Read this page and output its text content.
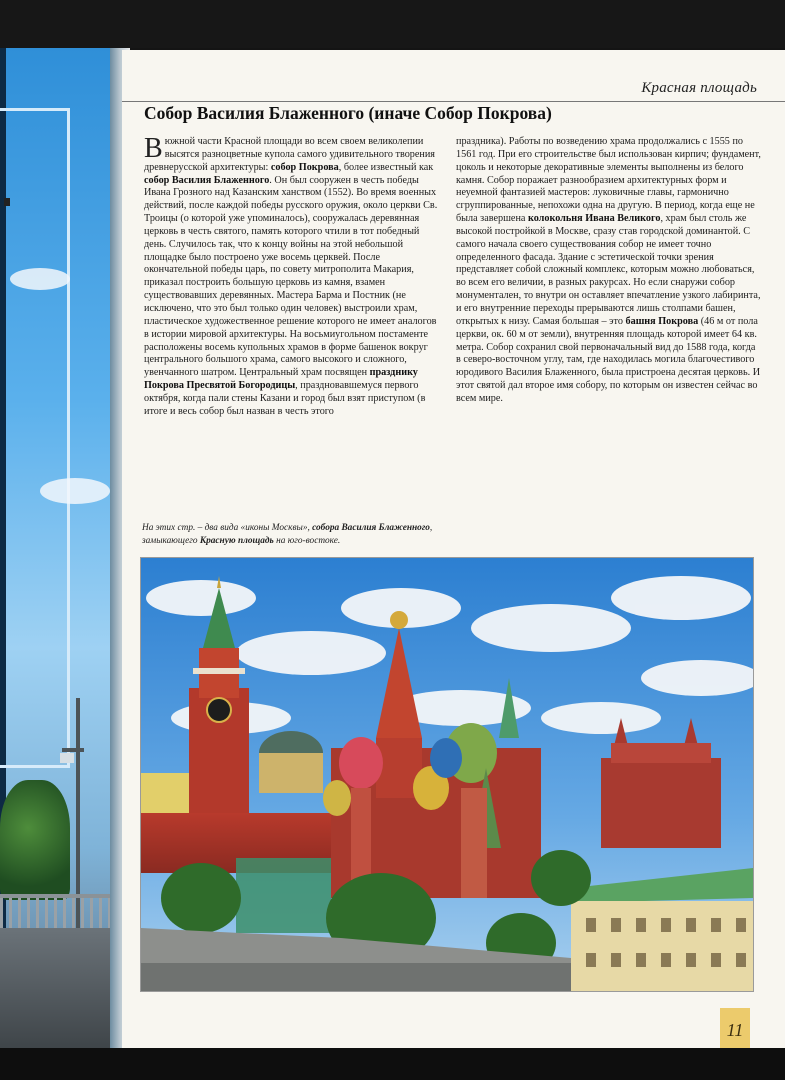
Красная площадь
Собор Василия Блаженного (иначе Собор Покрова)

Вюжной части Красной площади во всем своем великолепии высятся разноцветные купола самого удивительного творения древнерусской архитектуры: собор Покрова, более известный как собор Василия Блаженного. Он был сооружен в честь победы Ивана Грозного над Казанским ханством (1552). Во время военных действий, после каждой победы русского оружия, около церкви Св. Троицы (о которой уже упоминалось), сооружалась деревянная церковь в честь святого, память которого чтили в тот победный день. Случилось так, что к концу войны на этой небольшой площадке было построено уже восемь церквей. После окончательной победы царь, по совету митрополита Макария, приказал построить большую церковь из камня, взамен существовавших деревянных. Мастера Барма и Постник (не исключено, что это был только один человек) выстроили храм, пластическое художественное решение которого не имеет аналогов в истории мировой архитектуры. На восьмиугольном постаменте расположены восемь купольных храмов в форме башенок вокруг центрального большого храма, самого высокого и сложного, увенчанного шатром. Центральный храм посвящен празднику Покрова Пресвятой Богородицы, праздновавшемуся первого октября, когда пали стены Казани и город был взят приступом (в итоге и весь собор был назван в честь этого

праздника). Работы по возведению храма продолжались с 1555 по 1561 год. При его строительстве был использован кирпич; фундамент, цоколь и некоторые декоративные элементы выполнены из белого камня. Собор поражает разнообразием архитектурных форм и неуемной фантазией мастеров: луковичные главы, гармонично сгруппированные, непохожи одна на другую. В период, когда еще не была завершена колокольня Ивана Великого, храм был столь же высокой постройкой в Москве, сразу став городской доминантой. С самого начала своего существования собор не имеет точно определенного фасада. Здание с эстетической точки зрения представляет собой сложный комплекс, которым можно любоваться, во всем его величии, в разных ракурсах. Но если снаружи собор монументален, то внутри он оставляет впечатление узкого лабиринта, и его внутренние переходы прерываются лишь столпами башен, открытых к низу. Самая большая – это башня Покрова (46 м от пола церкви, ок. 60 м от земли), внутренняя площадь которой имеет 64 кв. метра. Собор сохранил свой первоначальный вид до 1588 года, когда в северо-восточном углу, там, где находилась могила благочестивого юродивого Василия Блаженного, была пристроена десятая церковь. И этот святой дал второе имя собору, по которым он известен сейчас во всем мире.

На этих стр. – два вида «иконы Москвы», собора Василия Блаженного, замыкающего Красную площадь на юго-востоке.
11
